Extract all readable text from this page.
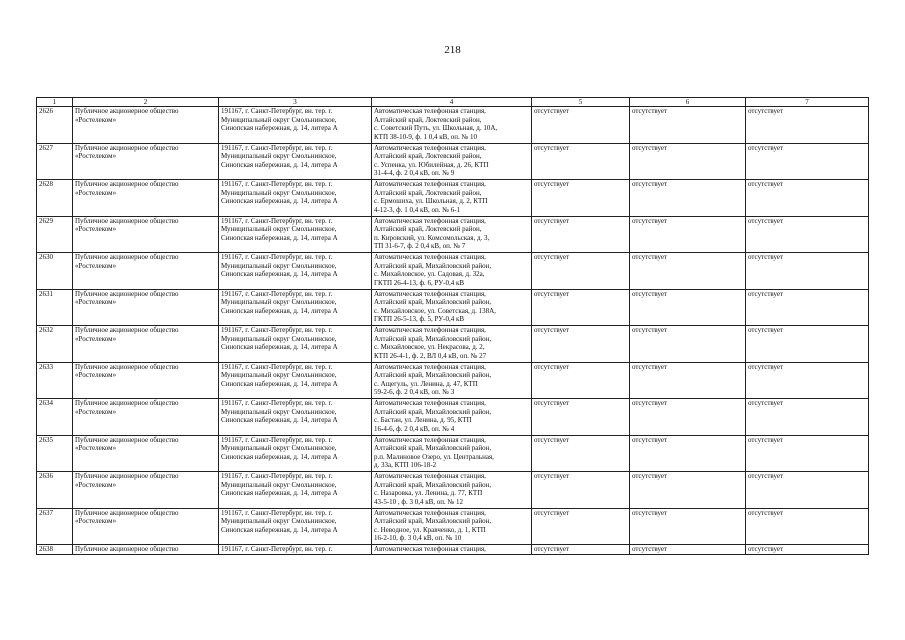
218
1	2	3	4	5	6	7
2626	Публичное акционерное общество
«Ростелеком»	191167, г. Санкт-Петербург, вн. тер. г.
Муниципальный округ Смольнинское,
Синопская набережная, д. 14, литера А	Автоматическая телефонная станция,
Алтайский край, Локтевский район,
с. Советский Путь, ул. Школьная, д. 10А,
КТП 38-10-9, ф. 1 0,4 кВ, оп. № 10	отсутствует	отсутствует	отсутствует
2627	Публичное акционерное общество
«Ростелеком»	191167, г. Санкт-Петербург, вн. тер. г.
Муниципальный округ Смольнинское,
Синопская набережная, д. 14, литера А	Автоматическая телефонная станция,
Алтайский край, Локтевский район,
с. Успенка, ул. Юбилейная, д. 26, КТП
31-4-4, ф. 2 0,4 кВ, оп. № 9	отсутствует	отсутствует	отсутствует
2628	Публичное акционерное общество
«Ростелеком»	191167, г. Санкт-Петербург, вн. тер. г.
Муниципальный округ Смольнинское,
Синопская набережная, д. 14, литера А	Автоматическая телефонная станция,
Алтайский край, Локтевский район,
с. Ермошиха, ул. Школьная, д. 2, КТП
4-12-3, ф. 1 0,4 кВ, оп. № 6-1	отсутствует	отсутствует	отсутствует
2629	Публичное акционерное общество
«Ростелеком»	191167, г. Санкт-Петербург, вн. тер. г.
Муниципальный округ Смольнинское,
Синопская набережная, д. 14, литера А	Автоматическая телефонная станция,
Алтайский край, Локтевский район,
п. Кировский, ул. Комсомольская, д. 3,
ТП 31-6-7, ф. 2 0,4 кВ, оп. № 7	отсутствует	отсутствует	отсутствует
2630	Публичное акционерное общество
«Ростелеком»	191167, г. Санкт-Петербург, вн. тер. г.
Муниципальный округ Смольнинское,
Синопская набережная, д. 14, литера А	Автоматическая телефонная станция,
Алтайский край, Михайловский район,
с. Михайловское, ул. Садовая, д. 32а,
ГКТП 26-4-13, ф. 6, РУ-0,4 кВ	отсутствует	отсутствует	отсутствует
2631	Публичное акционерное общество
«Ростелеком»	191167, г. Санкт-Петербург, вн. тер. г.
Муниципальный округ Смольнинское,
Синопская набережная, д. 14, литера А	Автоматическая телефонная станция,
Алтайский край, Михайловский район,
с. Михайловское, ул. Советская, д. 138А,
ГКТП 26-5-13, ф. 5, РУ-0,4 кВ	отсутствует	отсутствует	отсутствует
2632	Публичное акционерное общество
«Ростелеком»	191167, г. Санкт-Петербург, вн. тер. г.
Муниципальный округ Смольнинское,
Синопская набережная, д. 14, литера А	Автоматическая телефонная станция,
Алтайский край, Михайловский район,
с. Михайловское, ул. Некрасова, д. 2,
КТП 26-4-1, ф. 2, ВЛ 0,4 кВ, оп. № 27	отсутствует	отсутствует	отсутствует
2633	Публичное акционерное общество
«Ростелеком»	191167, г. Санкт-Петербург, вн. тер. г.
Муниципальный округ Смольнинское,
Синопская набережная, д. 14, литера А	Автоматическая телефонная станция,
Алтайский край, Михайловский район,
с. Ащегуль, ул. Ленина, д. 47, КТП
59-2-6, ф. 2 0,4 кВ, оп. № 3	отсутствует	отсутствует	отсутствует
2634	Публичное акционерное общество
«Ростелеком»	191167, г. Санкт-Петербург, вн. тер. г.
Муниципальный округ Смольнинское,
Синопская набережная, д. 14, литера А	Автоматическая телефонная станция,
Алтайский край, Михайловский район,
с. Бастан, ул. Ленина, д. 95, КТП
16-4-6, ф. 2 0,4 кВ, оп. № 4	отсутствует	отсутствует	отсутствует
2635	Публичное акционерное общество
«Ростелеком»	191167, г. Санкт-Петербург, вн. тер. г.
Муниципальный округ Смольнинское,
Синопская набережная, д. 14, литера А	Автоматическая телефонная станция,
Алтайский край, Михайловский район,
р.п. Малиновое Озеро, ул. Центральная,
д. 33а, КТП 106-18-2	отсутствует	отсутствует	отсутствует
2636	Публичное акционерное общество
«Ростелеком»	191167, г. Санкт-Петербург, вн. тер. г.
Муниципальный округ Смольнинское,
Синопская набережная, д. 14, литера А	Автоматическая телефонная станция,
Алтайский край, Михайловский район,
с. Назаровка, ул. Ленина, д. 77, КТП
43-5-10 , ф. 3 0,4 кВ, оп. № 12	отсутствует	отсутствует	отсутствует
2637	Публичное акционерное общество
«Ростелеком»	191167, г. Санкт-Петербург, вн. тер. г.
Муниципальный округ Смольнинское,
Синопская набережная, д. 14, литера А	Автоматическая телефонная станция,
Алтайский край, Михайловский район,
с. Неводное, ул. Кравченко, д. 1, КТП
16-2-10, ф. 3 0,4 кВ, оп. № 10	отсутствует	отсутствует	отсутствует
2638	Публичное акционерное общество	191167, г. Санкт-Петербург, вн. тер. г.	Автоматическая телефонная станция,	отсутствует	отсутствует	отсутствует
